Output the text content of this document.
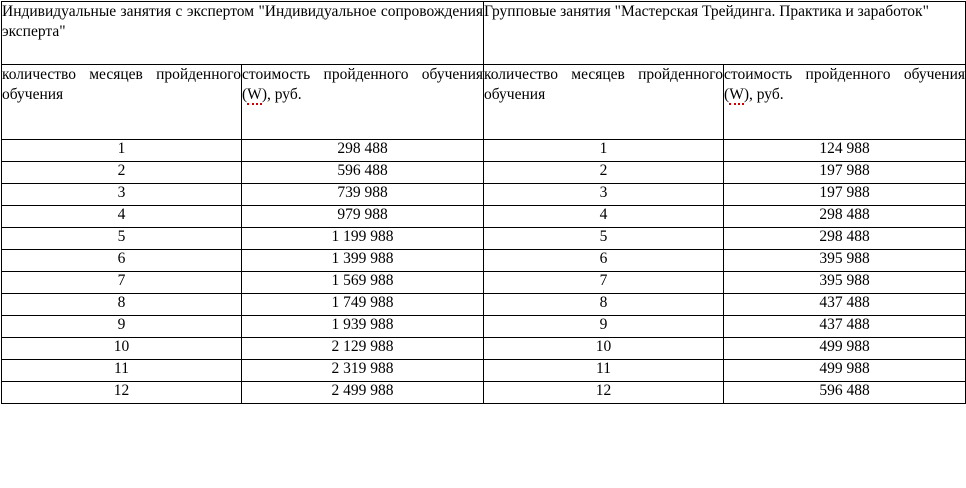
Индивидуальные занятия с экспертом "Индивидуальное сопровождения эксперта"		Групповые занятия "Мастерская Трейдинга. Практика и заработок"	

количество месяцев пройденного обучения	стоимость пройденного обучения (W), руб.	количество месяцев пройденного обучения	стоимость пройденного обучения (W), руб.

1	298 488	1	124 988
2	596 488	2	197 988
3	739 988	3	197 988
4	979 988	4	298 488
5	1 199 988	5	298 488
6	1 399 988	6	395 988
7	1 569 988	7	395 988
8	1 749 988	8	437 488
9	1 939 988	9	437 488
10	2 129 988	10	499 988
11	2 319 988	11	499 988
12	2 499 988	12	596 488
